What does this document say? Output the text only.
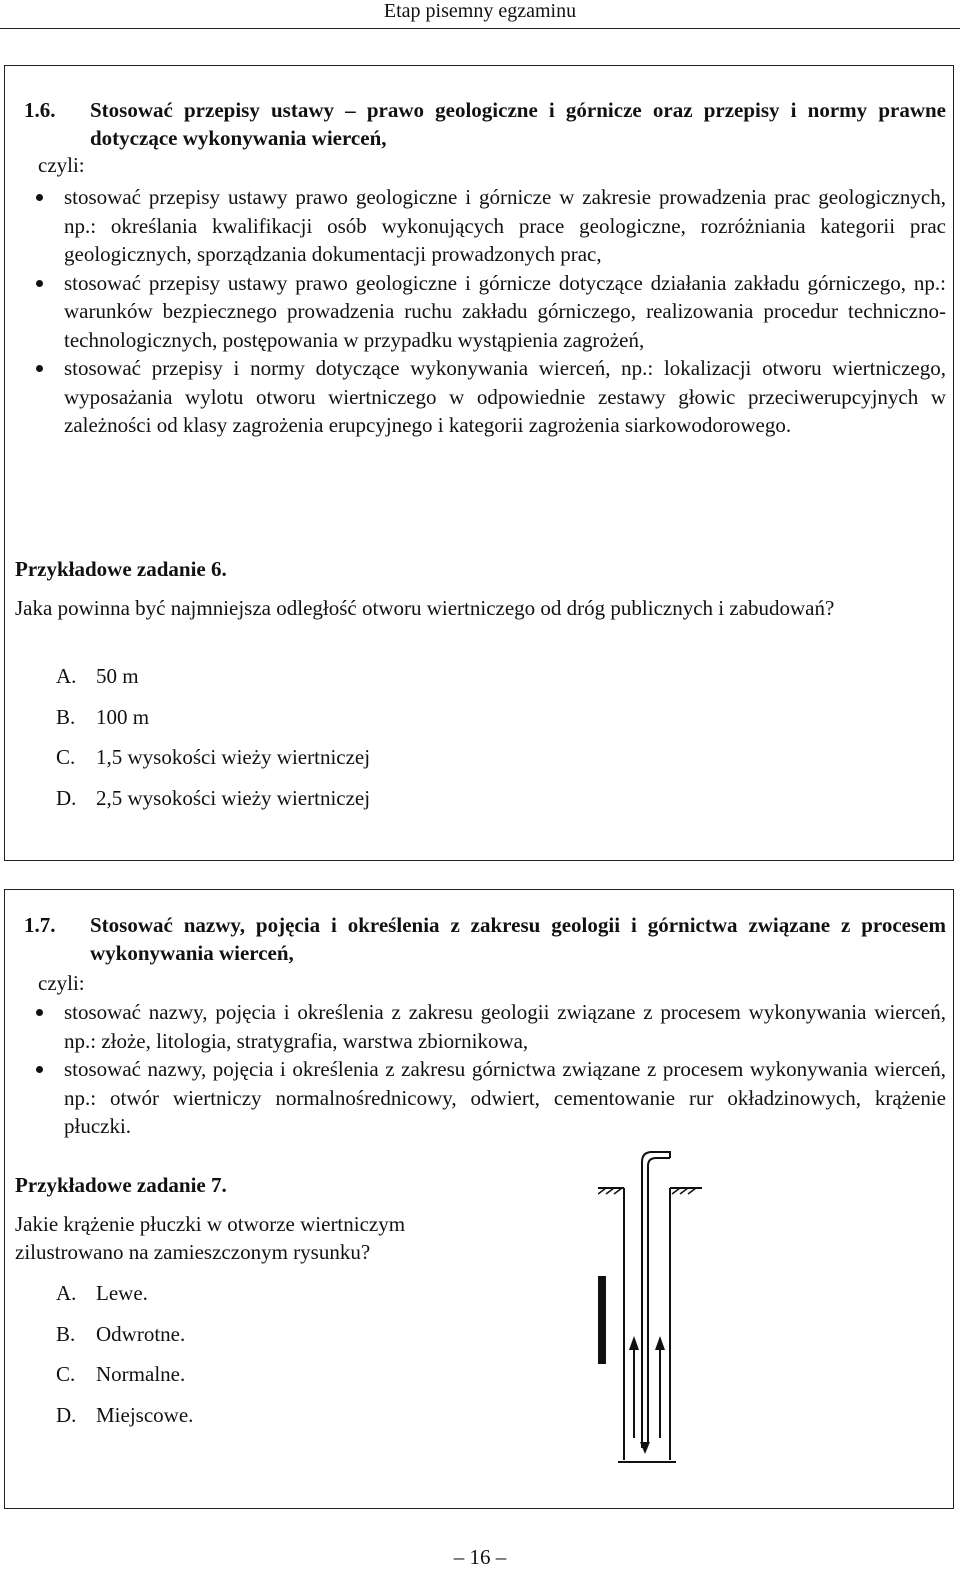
Etap pisemny egzaminu
1.6. Stosować przepisy ustawy – prawo geologiczne i górnicze oraz przepisy i normy prawne dotyczące wykonywania wierceń,
czyli:
stosować przepisy ustawy prawo geologiczne i górnicze w zakresie prowadzenia prac geologicznych, np.: określania kwalifikacji osób wykonujących prace geologiczne, rozróżniania kategorii prac geologicznych, sporządzania dokumentacji prowadzonych prac,
stosować przepisy ustawy prawo geologiczne i górnicze dotyczące działania zakładu górniczego, np.: warunków bezpiecznego prowadzenia ruchu zakładu górniczego, realizowania procedur techniczno-technologicznych, postępowania w przypadku wystąpienia zagrożeń,
stosować przepisy i normy dotyczące wykonywania wierceń, np.: lokalizacji otworu wiertniczego, wyposażania wylotu otworu wiertniczego w odpowiednie zestawy głowic przeciwerupcyjnych w zależności od klasy zagrożenia erupcyjnego i kategorii zagrożenia siarkowodorowego.
Przykładowe zadanie 6.
Jaka powinna być najmniejsza odległość otworu wiertniczego od dróg publicznych i zabudowań?
A. 50 m
B. 100 m
C. 1,5 wysokości wieży wiertniczej
D. 2,5 wysokości wieży wiertniczej
1.7. Stosować nazwy, pojęcia i określenia z zakresu geologii i górnictwa związane z procesem wykonywania wierceń,
czyli:
stosować nazwy, pojęcia i określenia z zakresu geologii związane z procesem wykonywania wierceń, np.: złoże, litologia, stratygrafia, warstwa zbiornikowa,
stosować nazwy, pojęcia i określenia z zakresu górnictwa związane z procesem wykonywania wierceń, np.: otwór wiertniczy normalnośrednicowy, odwiert, cementowanie rur okładzinowych, krążenie płuczki.
Przykładowe zadanie 7.
Jakie krążenie płuczki w otworze wiertniczym zilustrowano na zamieszczonym rysunku?
A. Lewe.
B. Odwrotne.
C. Normalne.
D. Miejscowe.
– 16 –
